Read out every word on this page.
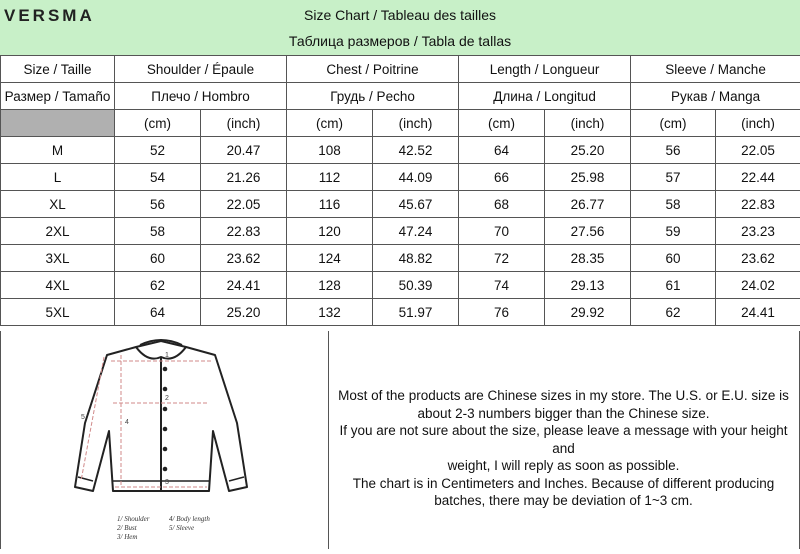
VERSMA	Size Chart / Tableau des tailles
Таблица размеров / Tabla de tallas
Size / Taille	Shoulder / Épaule		Chest / Poitrine		Length / Longueur		Sleeve / Manche	
Размер / Tamaño	Плечо / Hombro		Грудь / Pecho		Длина / Longitud		Рукав / Manga	
	(cm)	(inch)	(cm)	(inch)	(cm)	(inch)	(cm)	(inch)
M	52	20.47	108	42.52	64	25.20	56	22.05
L	54	21.26	112	44.09	66	25.98	57	22.44
XL	56	22.05	116	45.67	68	26.77	58	22.83
2XL	58	22.83	120	47.24	70	27.56	59	23.23
3XL	60	23.62	124	48.82	72	28.35	60	23.62
4XL	62	24.41	128	50.39	74	29.13	61	24.02
5XL	64	25.20	132	51.97	76	29.92	62	24.41
1
2
3
4
5
1/ Shoulder	4/ Body length
2/ Bust	5/ Sleeve
3/ Hem

Most of the products are Chinese sizes in my store. The U.S. or E.U. size is

about 2-3 numbers bigger than the Chinese size.

If you are not sure about the size, please leave a message with your height and

weight, I will reply as soon as possible.

The chart is in Centimeters and Inches. Because of different producing

batches, there may be deviation of 1~3 cm.
